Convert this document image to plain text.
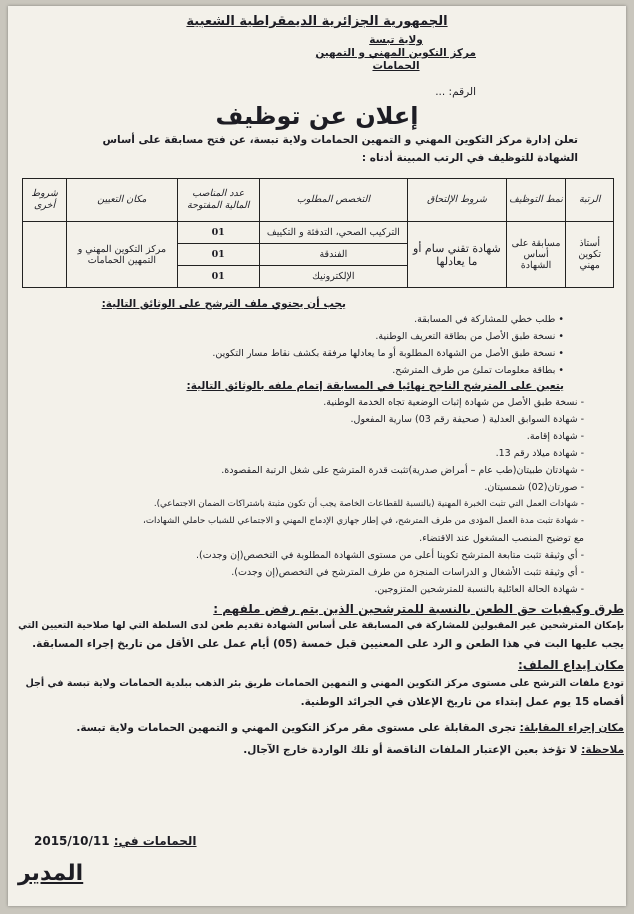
الجمهورية الجزائرية الديمقراطية الشعبية
ولاية تبسة
مركز التكوين المهني و التمهين
الحمامات
الرقم: ...
إعلان عن توظيف
تعلن إدارة مركز التكوين المهني و التمهين الحمامات ولاية تبسة، عن فتح مسابقة على أساس
الشهادة للتوظيف في الرتب المبينة أدناه :
الرتبة	نمط التوظيف	شروط الإلتحاق	التخصص المطلوب	عدد المناصب المالية المفتوحة	مكان التعيين	شروط أخرى
أستاذ تكوين مهني	مسابقة على أساس الشهادة	شهادة تقني سام أو ما يعادلها	التركيب الصحي، التدفئة و التكييف	01	مركز التكوين المهني و التمهين الحمامات	
			الفندقة	01		
			الإلكترونيك	01		
يجب أن يحتوي ملف الترشح على الوثائق التالية:
• طلب خطي للمشاركة في المسابقة.
• نسخة طبق الأصل من بطاقة التعريف الوطنية.
• نسخة طبق الأصل من الشهادة المطلوبة أو ما يعادلها مرفقة بكشف نقاط مسار التكوين.
• بطاقة معلومات تملئ من طرف المترشح.
يتعين على المترشح الناجح نهائيا في المسابقة إتمام ملفه بالوثائق التالية:
- نسخة طبق الأصل من شهادة إثبات الوضعية تجاه الخدمة الوطنية.
- شهادة السوابق العدلية ( صحيفة رقم 03) سارية المفعول.
- شهادة إقامة.
- شهادة ميلاد رقم 13.
- شهادتان طبيتان(طب عام – أمراض صدرية)تثبت قدرة المترشح على شغل الرتبة المقصودة.
- صورتان(02) شمسيتان.
- شهادات العمل التي تثبت الخبرة المهنية (بالنسبة للقطاعات الخاصة يجب أن تكون مثبتة باشتراكات الضمان الاجتماعي).
- شهادة تثبت مدة العمل المؤدى من طرف المترشح، في إطار جهازي الإدماج المهني و الاجتماعي للشباب حاملي الشهادات،
مع توضيح المنصب المشغول عند الاقتضاء.
- أي وثيقة تثبت متابعة المترشح تكوينا أعلى من مستوى الشهادة المطلوبة في التخصص(إن وجدت).
- أي وثيقة تثبت الأشغال و الدراسات المنجزة من طرف المترشح في التخصص(إن وجدت).
- شهادة الحالة العائلية بالنسبة للمترشحين المتزوجين.
طرق وكيفيات حق الطعن بالنسبة للمترشحين الذين يتم رفض ملفهم :
بإمكان المترشحين غير المقبولين للمشاركة في المسابقة على أساس الشهادة تقديم طعن لدى السلطة التي لها صلاحية التعيين التي
يجب عليها البت في هذا الطعن و الرد على المعنيين قبل خمسة (05) أيام عمل على الأقل من تاريخ إجراء المسابقة.
مكان إيداع الملف:
تودع ملفات الترشح على مستوى مركز التكوين المهني و التمهين الحمامات طريق بئر الذهب ببلدية الحمامات ولاية تبسة في أجل
أقصاه 15 يوم عمل إبتداء من تاريخ الإعلان في الجرائد الوطنية.
مكان إجراء المقابلة: تجرى المقابلة على مستوى مقر مركز التكوين المهني و التمهين الحمامات ولاية تبسة.
ملاحظة: لا تؤخذ بعين الإعتبار الملفات الناقصة أو تلك الواردة خارج الآجال.
الحمامات في: 2015/10/11
المدير
